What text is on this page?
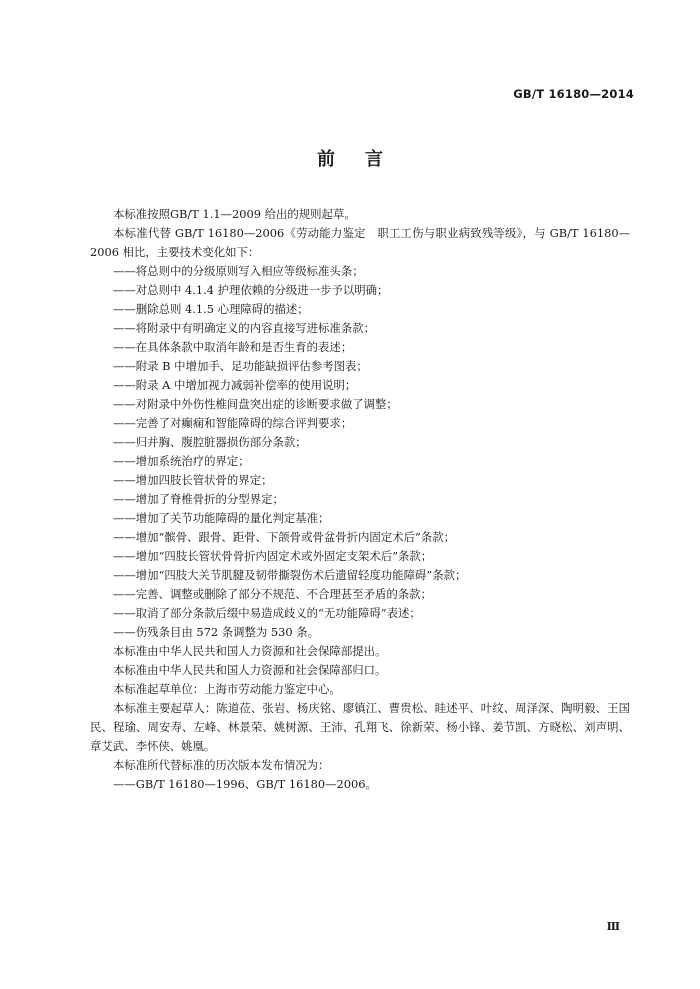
GB/T 16180—2014
前言

本标准按照GB/T 1.1—2009 给出的规则起草。

本标准代替 GB/T 16180—2006《劳动能力鉴定　职工工伤与职业病致残等级》，与 GB/T 16180—2006 相比，主要技术变化如下：

——将总则中的分级原则写入相应等级标准头条；
——对总则中 4.1.4 护理依赖的分级进一步予以明确；
——删除总则 4.1.5 心理障碍的描述；
——将附录中有明确定义的内容直接写进标准条款；
——在具体条款中取消年龄和是否生育的表述；
——附录 B 中增加手、足功能缺损评估参考图表；
——附录 A 中增加视力减弱补偿率的使用说明；
——对附录中外伤性椎间盘突出症的诊断要求做了调整；
——完善了对癫痫和智能障碍的综合评判要求；
——归并胸、腹腔脏器损伤部分条款；
——增加系统治疗的界定；
——增加四肢长管状骨的界定；
——增加了脊椎骨折的分型界定；
——增加了关节功能障碍的量化判定基准；
——增加“髌骨、跟骨、距骨、下颌骨或骨盆骨折内固定术后”条款；
——增加“四肢长管状骨骨折内固定术或外固定支架术后”条款；
——增加“四肢大关节肌腱及韧带撕裂伤术后遗留轻度功能障碍”条款；
——完善、调整或删除了部分不规范、不合理甚至矛盾的条款；
——取消了部分条款后缀中易造成歧义的“无功能障碍”表述；
——伤残条目由 572 条调整为 530 条。

本标准由中华人民共和国人力资源和社会保障部提出。

本标准由中华人民共和国人力资源和社会保障部归口。

本标准起草单位：上海市劳动能力鉴定中心。

本标准主要起草人：陈道莅、张岩、杨庆铭、廖镇江、曹贵松、眭述平、叶纹、周泽深、陶明毅、王国民、程瑜、周安寿、左峰、林景荣、姚树源、王沛、孔翔飞、徐新荣、杨小锋、姜节凯、方晓松、刘声明、章艾武、李怀侠、姚凰。

本标准所代替标准的历次版本发布情况为：

——GB/T 16180—1996、GB/T 16180—2006。
Ⅲ
